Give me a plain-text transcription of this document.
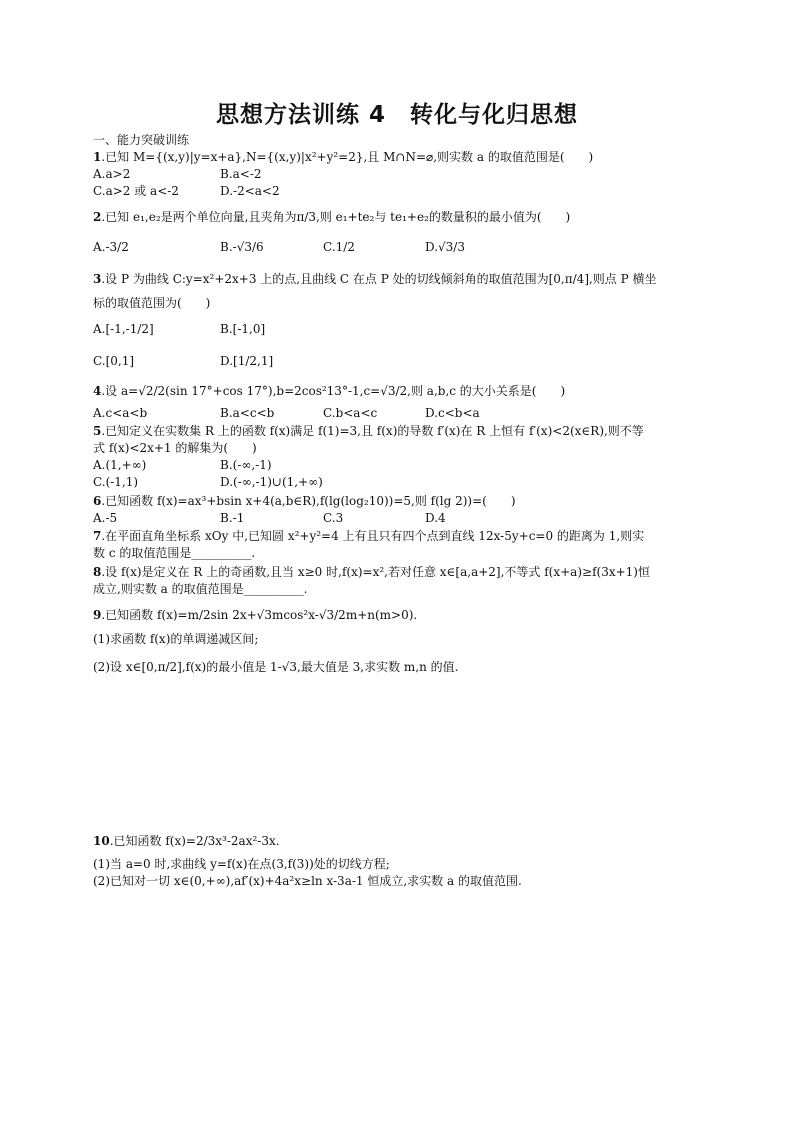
思想方法训练 4　转化与化归思想
一、能力突破训练
1.已知 M={(x,y)|y=x+a},N={(x,y)|x²+y²=2},且 M∩N=⌀,则实数 a 的取值范围是(　　)
A.a>2	B.a<-2
C.a>2 或 a<-2	D.-2<a<2
2.已知 e₁,e₂是两个单位向量,且夹角为π/3,则 e₁+te₂与 te₁+e₂的数量积的最小值为(　　)
A.-3/2	B.-√3/6	C.1/2	D.√3/3
3.设 P 为曲线 C:y=x²+2x+3 上的点,且曲线 C 在点 P 处的切线倾斜角的取值范围为[0,π/4],则点 P 横坐
标的取值范围为(　　)
A.[-1,-1/2]	B.[-1,0]
C.[0,1]	D.[1/2,1]
4.设 a=√2/2(sin 17°+cos 17°),b=2cos²13°-1,c=√3/2,则 a,b,c 的大小关系是(　　)
A.c<a<b	B.a<c<b	C.b<a<c	D.c<b<a
5.已知定义在实数集 R 上的函数 f(x)满足 f(1)=3,且 f(x)的导数 f′(x)在 R 上恒有 f′(x)<2(x∈R),则不等
式 f(x)<2x+1 的解集为(　　)
A.(1,+∞)	B.(-∞,-1)
C.(-1,1)	D.(-∞,-1)∪(1,+∞)
6.已知函数 f(x)=ax³+bsin x+4(a,b∈R),f(lg(log₂10))=5,则 f(lg 2))=(　　)
A.-5	B.-1	C.3	D.4
7.在平面直角坐标系 xOy 中,已知圆 x²+y²=4 上有且只有四个点到直线 12x-5y+c=0 的距离为 1,则实
数 c 的取值范围是__________.
8.设 f(x)是定义在 R 上的奇函数,且当 x≥0 时,f(x)=x²,若对任意 x∈[a,a+2],不等式 f(x+a)≥f(3x+1)恒
成立,则实数 a 的取值范围是__________.
9.已知函数 f(x)=m/2sin 2x+√3mcos²x-√3/2m+n(m>0).
(1)求函数 f(x)的单调递减区间;
(2)设 x∈[0,π/2],f(x)的最小值是 1-√3,最大值是 3,求实数 m,n 的值.
10.已知函数 f(x)=2/3x³-2ax²-3x.
(1)当 a=0 时,求曲线 y=f(x)在点(3,f(3))处的切线方程;
(2)已知对一切 x∈(0,+∞),af′(x)+4a²x≥ln x-3a-1 恒成立,求实数 a 的取值范围.
